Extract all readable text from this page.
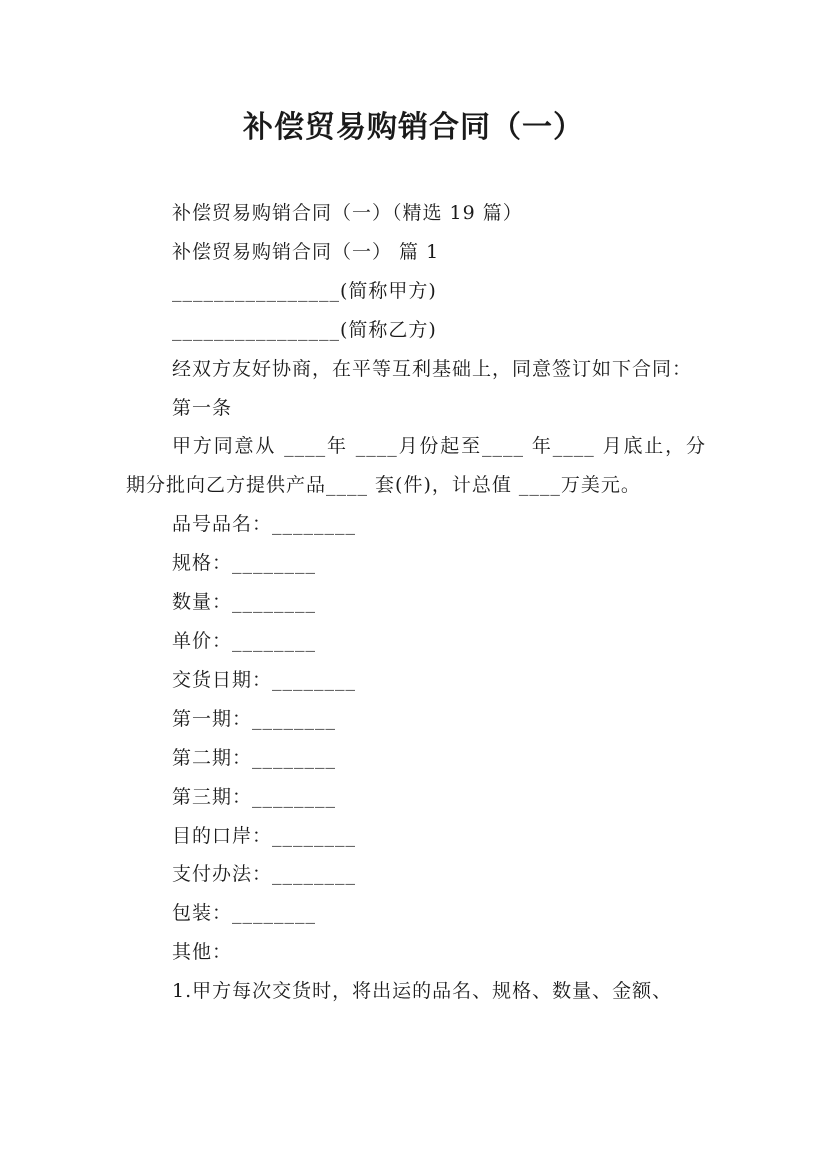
补偿贸易购销合同（一）

补偿贸易购销合同（一）（精选 19 篇）

补偿贸易购销合同（一） 篇 1

________________(简称甲方)

________________(简称乙方)

经双方友好协商，在平等互利基础上，同意签订如下合同：

第一条

甲方同意从 ____年 ____月份起至____ 年____ 月底止，分期分批向乙方提供产品____ 套(件)，计总值 ____万美元。

品号品名：________

规格：________

数量：________

单价：________

交货日期：________

第一期：________

第二期：________

第三期：________

目的口岸：________

支付办法：________

包装：________

其他：

1.甲方每次交货时，将出运的品名、规格、数量、金额、
